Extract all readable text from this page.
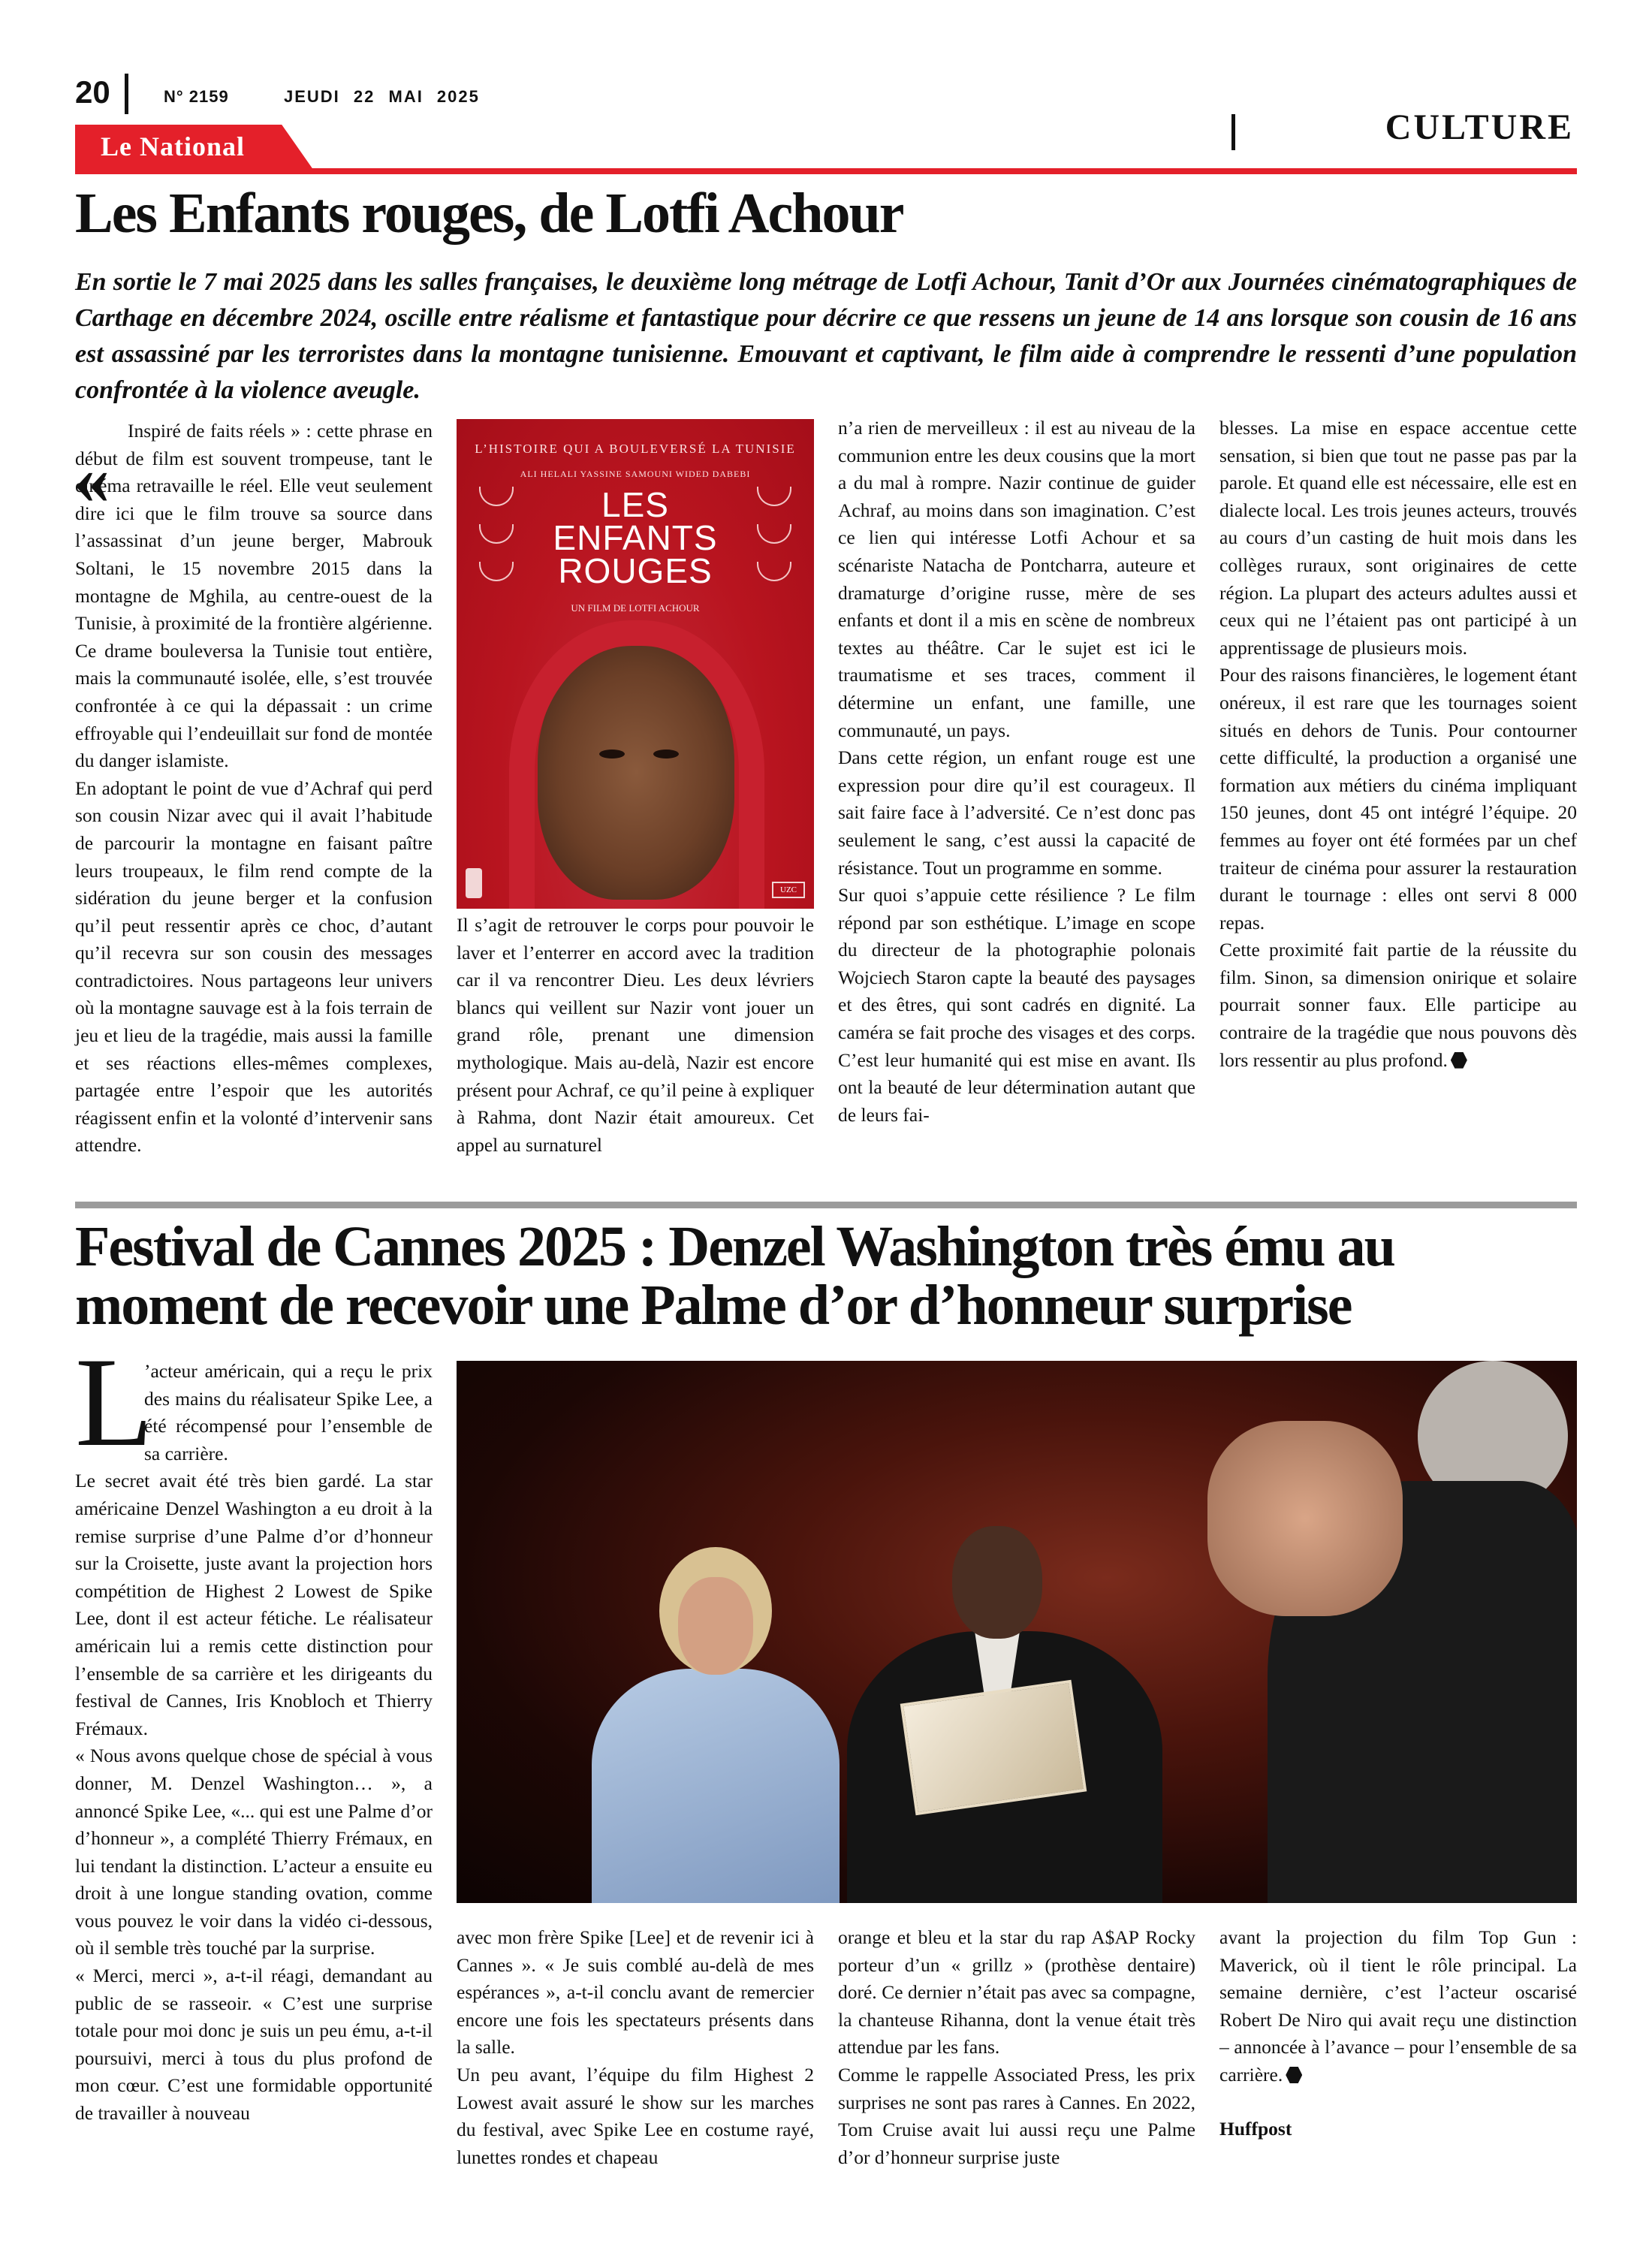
20	N° 2159	JEUDI 22 MAI 2025
CULTURE
Le National
Les Enfants rouges, de Lotfi Achour
En sortie le 7 mai 2025 dans les salles françaises, le deuxième long métrage de Lotfi Achour, Tanit d’Or aux Journées cinématographiques de Carthage en décembre 2024, oscille entre réalisme et fantastique pour décrire ce que ressens un jeune de 14 ans lorsque son cousin de 16 ans est assassiné par les terroristes dans la montagne tunisienne. Emouvant et captivant, le film aide à comprendre le ressenti d’une population confrontée à la violence aveugle.
«

Inspiré de faits réels » : cette phrase en début de film est souvent trompeuse, tant le cinéma retravaille le réel. Elle veut seulement dire ici que le film trouve sa source dans l’assassinat d’un jeune berger, Mabrouk Soltani, le 15 novembre 2015 dans la montagne de Mghila, au centre-ouest de la Tunisie, à proximité de la frontière algérienne. Ce drame bouleversa la Tunisie tout entière, mais la communauté isolée, elle, s’est trouvée confrontée à ce qui la dépassait : un crime effroyable qui l’endeuillait sur fond de montée du danger islamiste.

En adoptant le point de vue d’Achraf qui perd son cousin Nizar avec qui il avait l’habitude de parcourir la montagne en faisant paître leurs troupeaux, le film rend compte de la sidération du jeune berger et la confusion qu’il peut ressentir après ce choc, d’autant qu’il recevra sur son cousin des messages contradictoires. Nous partageons leur univers où la montagne sauvage est à la fois terrain de jeu et lieu de la tragédie, mais aussi la famille et ses réactions elles-mêmes complexes, partagée entre l’espoir que les autorités réagissent enfin et la volonté d’intervenir sans attendre.

L’HISTOIRE QUI A BOULEVERSÉ LA TUNISIE
ALI HELALI YASSINE SAMOUNI WIDED DABEBI
LES ENFANTS ROUGES
UN FILM DE LOTFI ACHOUR
UZC

Il s’agit de retrouver le corps pour pouvoir le laver et l’enterrer en accord avec la tradition car il va rencontrer Dieu. Les deux lévriers blancs qui veillent sur Nazir vont jouer un grand rôle, prenant une dimension mythologique. Mais au-delà, Nazir est encore présent pour Achraf, ce qu’il peine à expliquer à Rahma, dont Nazir était amoureux. Cet appel au surnaturel

n’a rien de merveilleux : il est au niveau de la communion entre les deux cousins que la mort a du mal à rompre. Nazir continue de guider Achraf, au moins dans son imagination. C’est ce lien qui intéresse Lotfi Achour et sa scénariste Natacha de Pontcharra, auteure et dramaturge d’origine russe, mère de ses enfants et dont il a mis en scène de nombreux textes au théâtre. Car le sujet est ici le traumatisme et ses traces, comment il détermine un enfant, une famille, une communauté, un pays.

Dans cette région, un enfant rouge est une expression pour dire qu’il est courageux. Il sait faire face à l’adversité. Ce n’est donc pas seulement le sang, c’est aussi la capacité de résistance. Tout un programme en somme.

Sur quoi s’appuie cette résilience ? Le film répond par son esthétique. L’image en scope du directeur de la photographie polonais Wojciech Staron capte la beauté des paysages et des êtres, qui sont cadrés en dignité. La caméra se fait proche des visages et des corps. C’est leur humanité qui est mise en avant. Ils ont la beauté de leur détermination autant que de leurs fai-

blesses. La mise en espace accentue cette sensation, si bien que tout ne passe pas par la parole. Et quand elle est nécessaire, elle est en dialecte local. Les trois jeunes acteurs, trouvés au cours d’un casting de huit mois dans les collèges ruraux, sont originaires de cette région. La plupart des acteurs adultes aussi et ceux qui ne l’étaient pas ont participé à un apprentissage de plusieurs mois.

Pour des raisons financières, le logement étant onéreux, il est rare que les tournages soient situés en dehors de Tunis. Pour contourner cette difficulté, la production a organisé une formation aux métiers du cinéma impliquant 150 jeunes, dont 45 ont intégré l’équipe. 20 femmes au foyer ont été formées par un chef traiteur de cinéma pour assurer la restauration durant le tournage : elles ont servi 8 000 repas.

Cette proximité fait partie de la réussite du film. Sinon, sa dimension onirique et solaire pourrait sonner faux. Elle participe au contraire de la tragédie que nous pouvons dès lors ressentir au plus profond.

Festival de Cannes 2025 : Denzel Washington très ému au moment de recevoir une Palme d’or d’honneur surprise
L

’acteur américain, qui a reçu le prix des mains du réalisateur Spike Lee, a été récompensé pour l’ensemble de sa carrière.

Le secret avait été très bien gardé. La star américaine Denzel Washington a eu droit à la remise surprise d’une Palme d’or d’honneur sur la Croisette, juste avant la projection hors compétition de Highest 2 Lowest de Spike Lee, dont il est acteur fétiche. Le réalisateur américain lui a remis cette distinction pour l’ensemble de sa carrière et les dirigeants du festival de Cannes, Iris Knobloch et Thierry Frémaux.

« Nous avons quelque chose de spécial à vous donner, M. Denzel Washington… », a annoncé Spike Lee, «... qui est une Palme d’or d’honneur », a complété Thierry Frémaux, en lui tendant la distinction. L’acteur a ensuite eu droit à une longue standing ovation, comme vous pouvez le voir dans la vidéo ci-dessous, où il semble très touché par la surprise.

« Merci, merci », a-t-il réagi, demandant au public de se rasseoir. « C’est une surprise totale pour moi donc je suis un peu ému, a-t-il poursuivi, merci à tous du plus profond de mon cœur. C’est une formidable opportunité de travailler à nouveau

avec mon frère Spike [Lee] et de revenir ici à Cannes ». « Je suis comblé au-delà de mes espérances », a-t-il conclu avant de remercier encore une fois les spectateurs présents dans la salle.

Un peu avant, l’équipe du film Highest 2 Lowest avait assuré le show sur les marches du festival, avec Spike Lee en costume rayé, lunettes rondes et chapeau

orange et bleu et la star du rap A$AP Rocky porteur d’un « grillz » (prothèse dentaire) doré. Ce dernier n’était pas avec sa compagne, la chanteuse Rihanna, dont la venue était très attendue par les fans.

Comme le rappelle Associated Press, les prix surprises ne sont pas rares à Cannes. En 2022, Tom Cruise avait lui aussi reçu une Palme d’or d’honneur surprise juste

avant la projection du film Top Gun : Maverick, où il tient le rôle principal. La semaine dernière, c’est l’acteur oscarisé Robert De Niro qui avait reçu une distinction – annoncée à l’avance – pour l’ensemble de sa carrière.

Huffpost
